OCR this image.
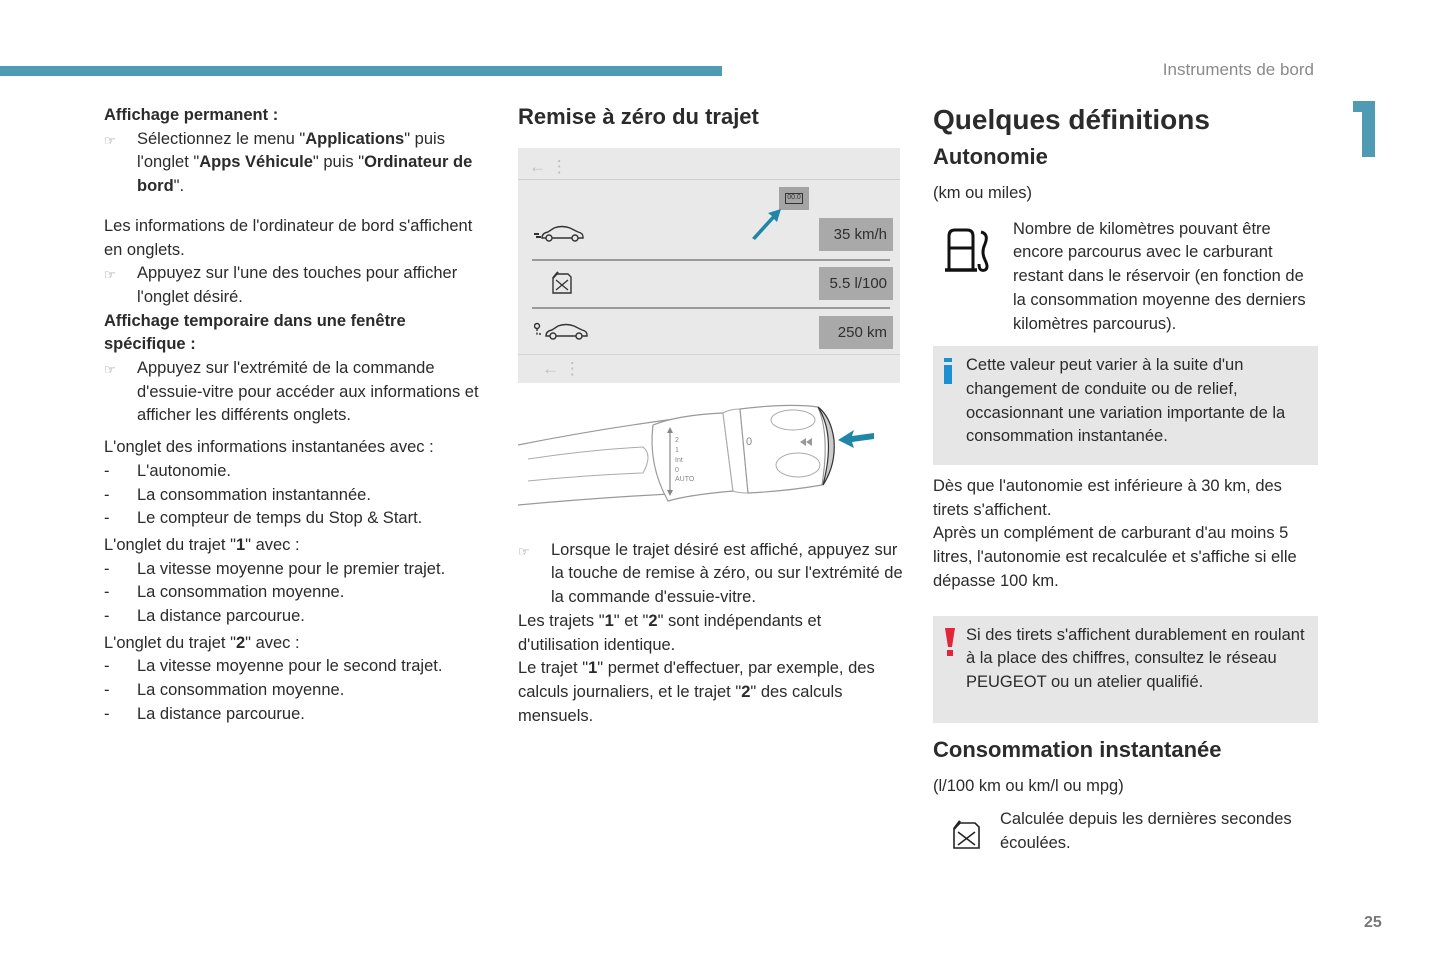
Instruments de bord
25

Affichage permanent :

☞	Sélectionnez le menu "Applications" puis l'onglet "Apps Véhicule" puis "Ordinateur de bord".

Les informations de l'ordinateur de bord s'affichent en onglets.

☞	Appuyez sur l'une des touches pour afficher l'onglet désiré.

Affichage temporaire dans une fenêtre spécifique :

☞	Appuyez sur l'extrémité de la commande d'essuie-vitre pour accéder aux informations et afficher les différents onglets.

L'onglet des informations instantanées avec :

-	L'autonomie.
-	La consommation instantannée.
-	Le compteur de temps du Stop & Start.

L'onglet du trajet "1" avec :

-	La vitesse moyenne pour le premier trajet.
-	La consommation moyenne.
-	La distance parcourue.

L'onglet du trajet "2" avec :

-	La vitesse moyenne pour le second trajet.
-	La consommation moyenne.
-	La distance parcourue.
Remise à zéro du trajet
← ⋮
00.0
35 km/h
5.5 l/100
250 km
← ⋮
2
1
Int
0
AUTO
0
☞	Lorsque le trajet désiré est affiché, appuyez sur la touche de remise à zéro, ou sur l'extrémité de la commande d'essuie-vitre.

Les trajets "1" et "2" sont indépendants et d'utilisation identique.

Le trajet "1" permet d'effectuer, par exemple, des calculs journaliers, et le trajet "2" des calculs mensuels.

Quelques définitions
Autonomie

(km ou miles)

Nombre de kilomètres pouvant être encore parcourus avec le carburant restant dans le réservoir (en fonction de la consommation moyenne des derniers kilomètres parcourus).

Cette valeur peut varier à la suite d'un changement de conduite ou de relief, occasionnant une variation importante de la consommation instantanée.

Dès que l'autonomie est inférieure à 30 km, des tirets s'affichent.

Après un complément de carburant d'au moins 5 litres, l'autonomie est recalculée et s'affiche si elle dépasse 100 km.

Si des tirets s'affichent durablement en roulant à la place des chiffres, consultez le réseau PEUGEOT ou un atelier qualifié.

Consommation instantanée

(l/100 km ou km/l ou mpg)

Calculée depuis les dernières secondes écoulées.
